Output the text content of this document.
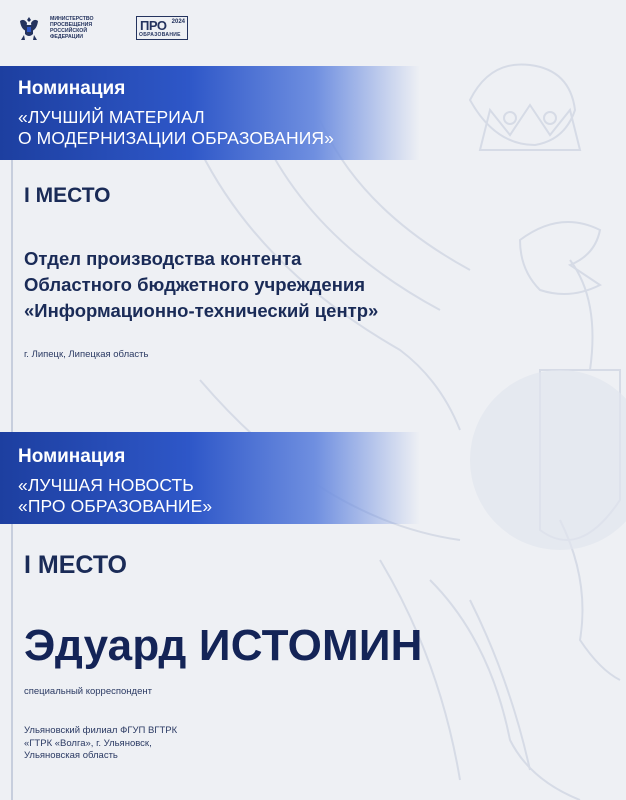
МИНИСТЕРСТВО
ПРОСВЕЩЕНИЯ
РОССИЙСКОЙ
ФЕДЕРАЦИИ
ПРО 2024
ОБРАЗОВАНИЕ
Номинация
«ЛУЧШИЙ МАТЕРИАЛ
О МОДЕРНИЗАЦИИ ОБРАЗОВАНИЯ»
I МЕСТО
Отдел производства контента
Областного бюджетного учреждения
«Информационно-технический центр»
г. Липецк, Липецкая область
Номинация
«ЛУЧШАЯ НОВОСТЬ
«ПРО ОБРАЗОВАНИЕ»
I МЕСТО
Эдуард ИСТОМИН
специальный корреспондент
Ульяновский филиал ФГУП ВГТРК
«ГТРК «Волга», г. Ульяновск,
Ульяновская область
